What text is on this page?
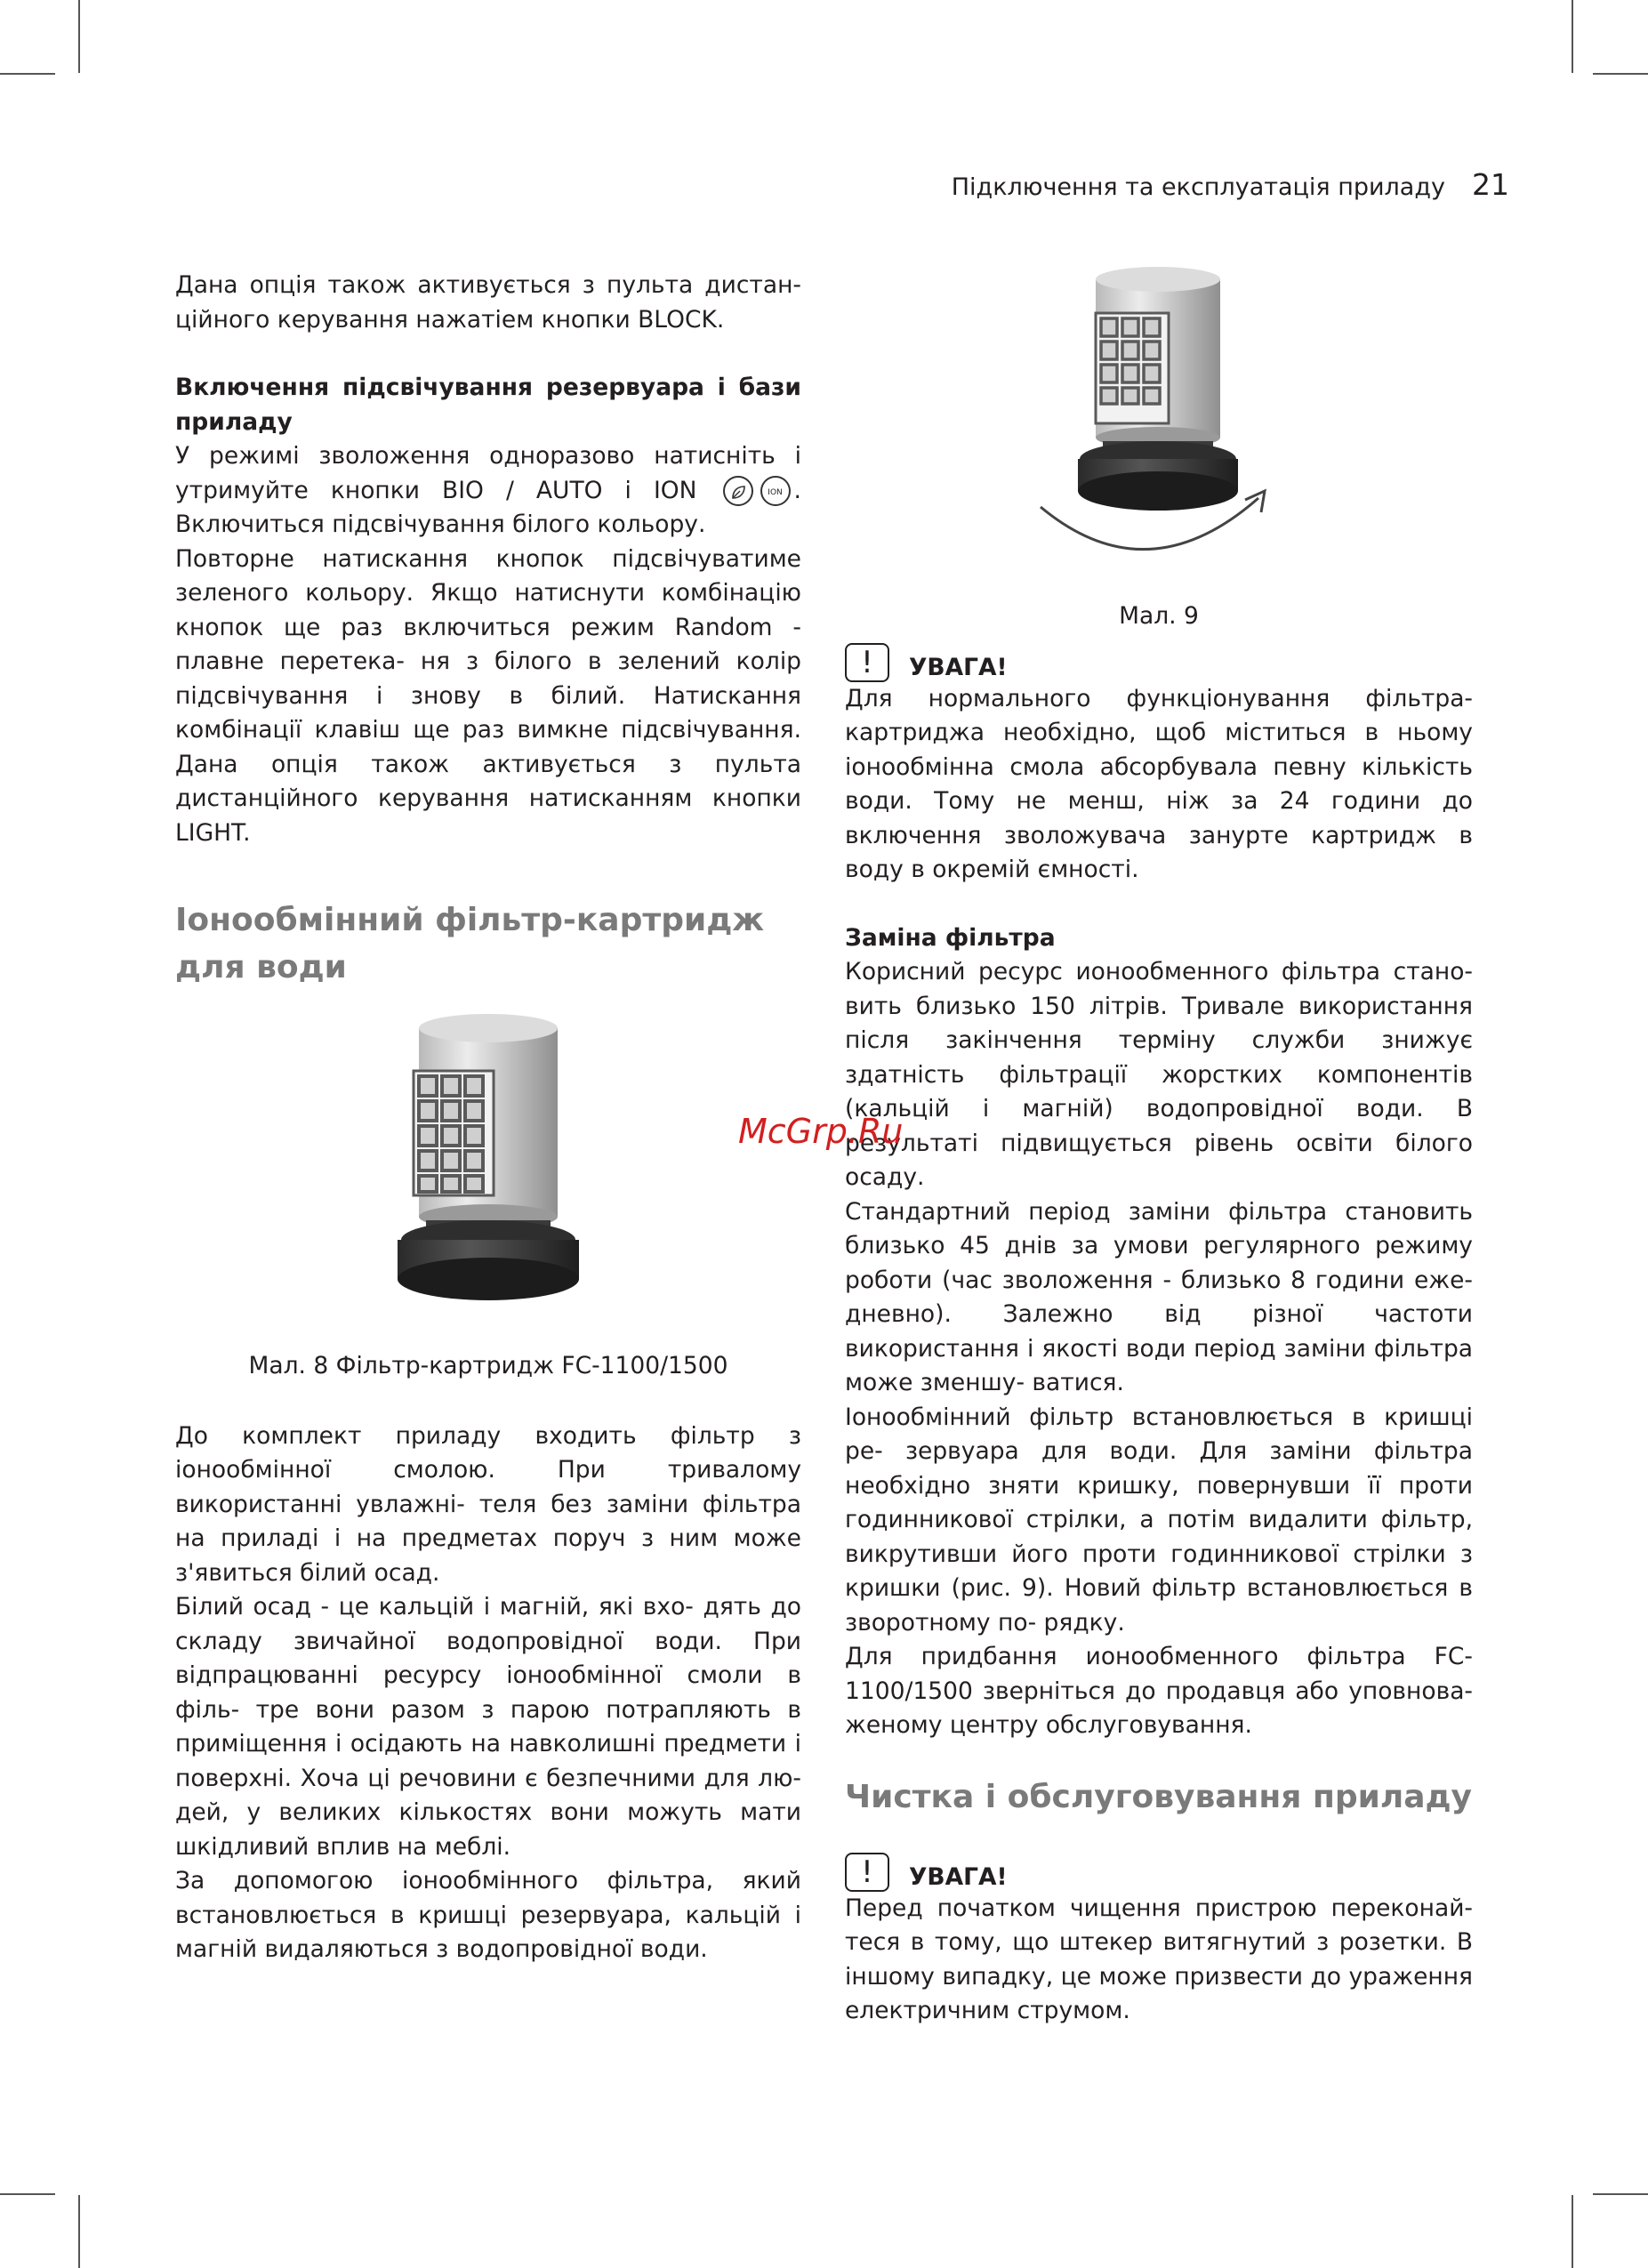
Підключення та експлуатація приладу 21

Дана опція також активується з пульта дистан- ційного керування нажатіем кнопки BLOCK.

Включення підсвічування резервуара і бази приладу

У режимі зволоження одноразово натисніть і утримуйте кнопки BIO / AUTO і ION	ION . Включиться підсвічування білого кольору.

Повторне натискання кнопок підсвічуватиме зеленого кольору. Якщо натиснути комбінацію кнопок ще раз включиться режим Random - плавне перетека- ня з білого в зелений колір підсвічування і знову в білий. Натискання комбінації клавіш ще раз вимкне підсвічування. Дана опція також активується з пульта дистанційного керування натисканням кнопки LIGHT.

Іонообмінний фільтр-картридж
для води

Мал. 8 Фільтр-картридж FC-1100/1500

До комплект приладу входить фільтр з іонообмінної смолою. При тривалому використанні увлажні- теля без заміни фільтра на приладі і на предметах поруч з ним може з'явиться білий осад.

Білий осад - це кальцій і магній, які вхо- дять до складу звичайної водопровідної води. При відпрацюванні ресурсу іонообмінної смоли в філь- тре вони разом з парою потрапляють в приміщення і осідають на навколишні предмети і поверхні. Хоча ці речовини є безпечними для лю- дей, у великих кількостях вони можуть мати шкідливий вплив на меблі.

За допомогою іонообмінного фільтра, який встановлюється в кришці резервуара, кальцій і магній видаляються з водопровідної води.

Мал. 9

!	УВАГА!

Для нормального функціонування фільтра- картриджа необхідно, щоб міститься в ньому іонообмінна смола абсорбувала певну кількість води. Тому не менш, ніж за 24 години до включення зволожувача занурте картридж в воду в окремій ємності.

Заміна фільтра

Корисний ресурс ионообменного фільтра стано- вить близько 150 літрів. Тривале використання після закінчення терміну служби знижує здатність фільтрації жорстких компонентів (кальцій і магній) водопровідної води. В результаті підвищується рівень освіти білого осаду.

Стандартний період заміни фільтра становить близько 45 днів за умови регулярного режиму роботи (час зволоження - близько 8 години еже- дневно). Залежно від різної частоти використання і якості води період заміни фільтра може зменшу- ватися.

Іонообмінний фільтр встановлюється в кришці ре- зервуара для води. Для заміни фільтра необхідно зняти кришку, повернувши її проти годинникової стрілки, а потім видалити фільтр, викрутивши його проти годинникової стрілки з кришки (рис. 9). Новий фільтр встановлюється в зворотному по- рядку.

Для придбання ионообменного фільтра FC- 1100/1500 зверніться до продавця або уповнова- женому центру обслуговування.

Чистка і обслуговування приладу
!	УВАГА!

Перед початком чищення пристрою переконай- теся в тому, що штекер витягнутий з розетки. В іншому випадку, це може призвести до ураження електричним струмом.

McGrp.Ru
